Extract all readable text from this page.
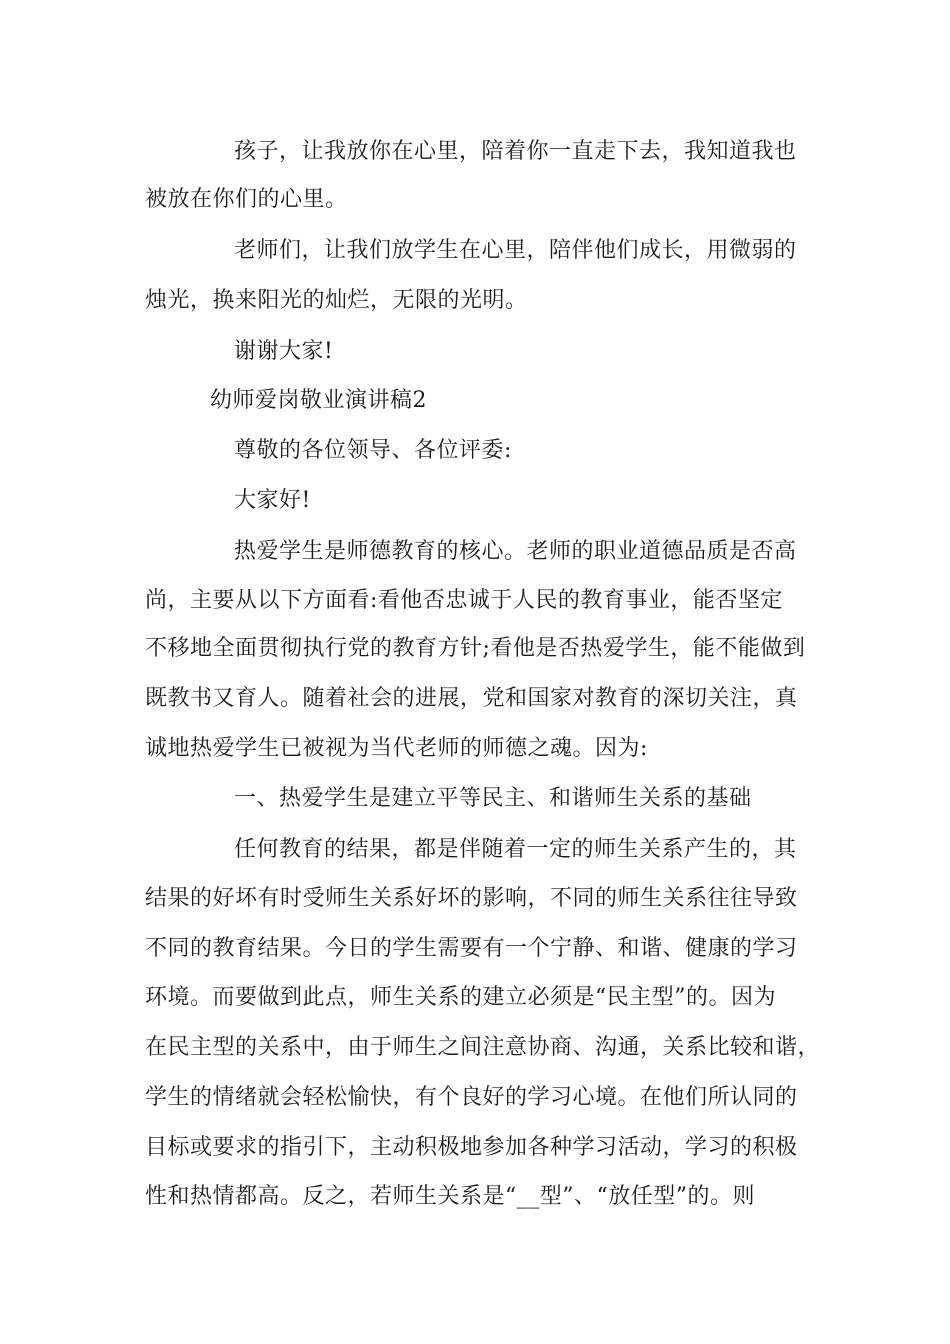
孩子，让我放你在心里，陪着你一直走下去，我知道我也
被放在你们的心里。
老师们，让我们放学生在心里，陪伴他们成长，用微弱的
烛光，换来阳光的灿烂，无限的光明。
谢谢大家!
幼师爱岗敬业演讲稿2
尊敬的各位领导、各位评委:
大家好!
热爱学生是师德教育的核心。老师的职业道德品质是否高
尚，主要从以下方面看:看他否忠诚于人民的教育事业，能否坚定
不移地全面贯彻执行党的教育方针;看他是否热爱学生，能不能做到
既教书又育人。随着社会的进展，党和国家对教育的深切关注，真
诚地热爱学生已被视为当代老师的师德之魂。因为:
一、热爱学生是建立平等民主、和谐师生关系的基础
任何教育的结果，都是伴随着一定的师生关系产生的，其
结果的好坏有时受师生关系好坏的影响，不同的师生关系往往导致
不同的教育结果。今日的学生需要有一个宁静、和谐、健康的学习
环境。而要做到此点，师生关系的建立必须是“民主型”的。因为
在民主型的关系中，由于师生之间注意协商、沟通，关系比较和谐，
学生的情绪就会轻松愉快，有个良好的学习心境。在他们所认同的
目标或要求的指引下，主动积极地参加各种学习活动，学习的积极
性和热情都高。反之，若师生关系是“__型”、“放任型”的。则
